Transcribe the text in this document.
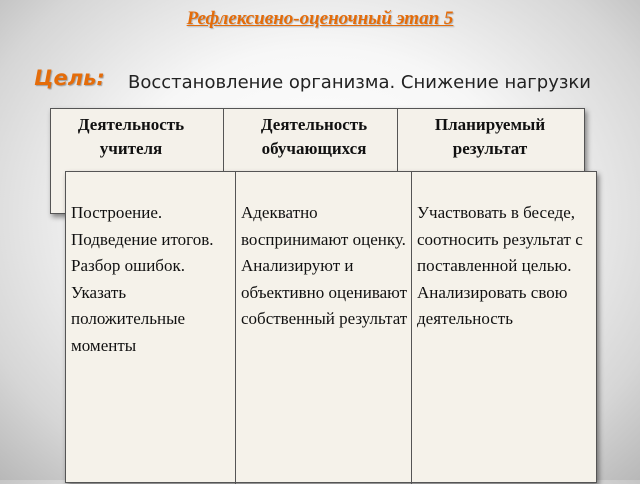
Рефлексивно-оценочный этап 5
Цель: Восстановление организма. Снижение нагрузки
Деятельность учителя
Деятельность обучающихся
Планируемый результат
Построение. Подведение итогов. Разбор ошибок. Указать положительные моменты
Адекватно воспринимают оценку. Анализируют и объективно оценивают собственный результат
Участвовать в беседе, соотносить результат с поставленной целью. Анализировать свою деятельность
